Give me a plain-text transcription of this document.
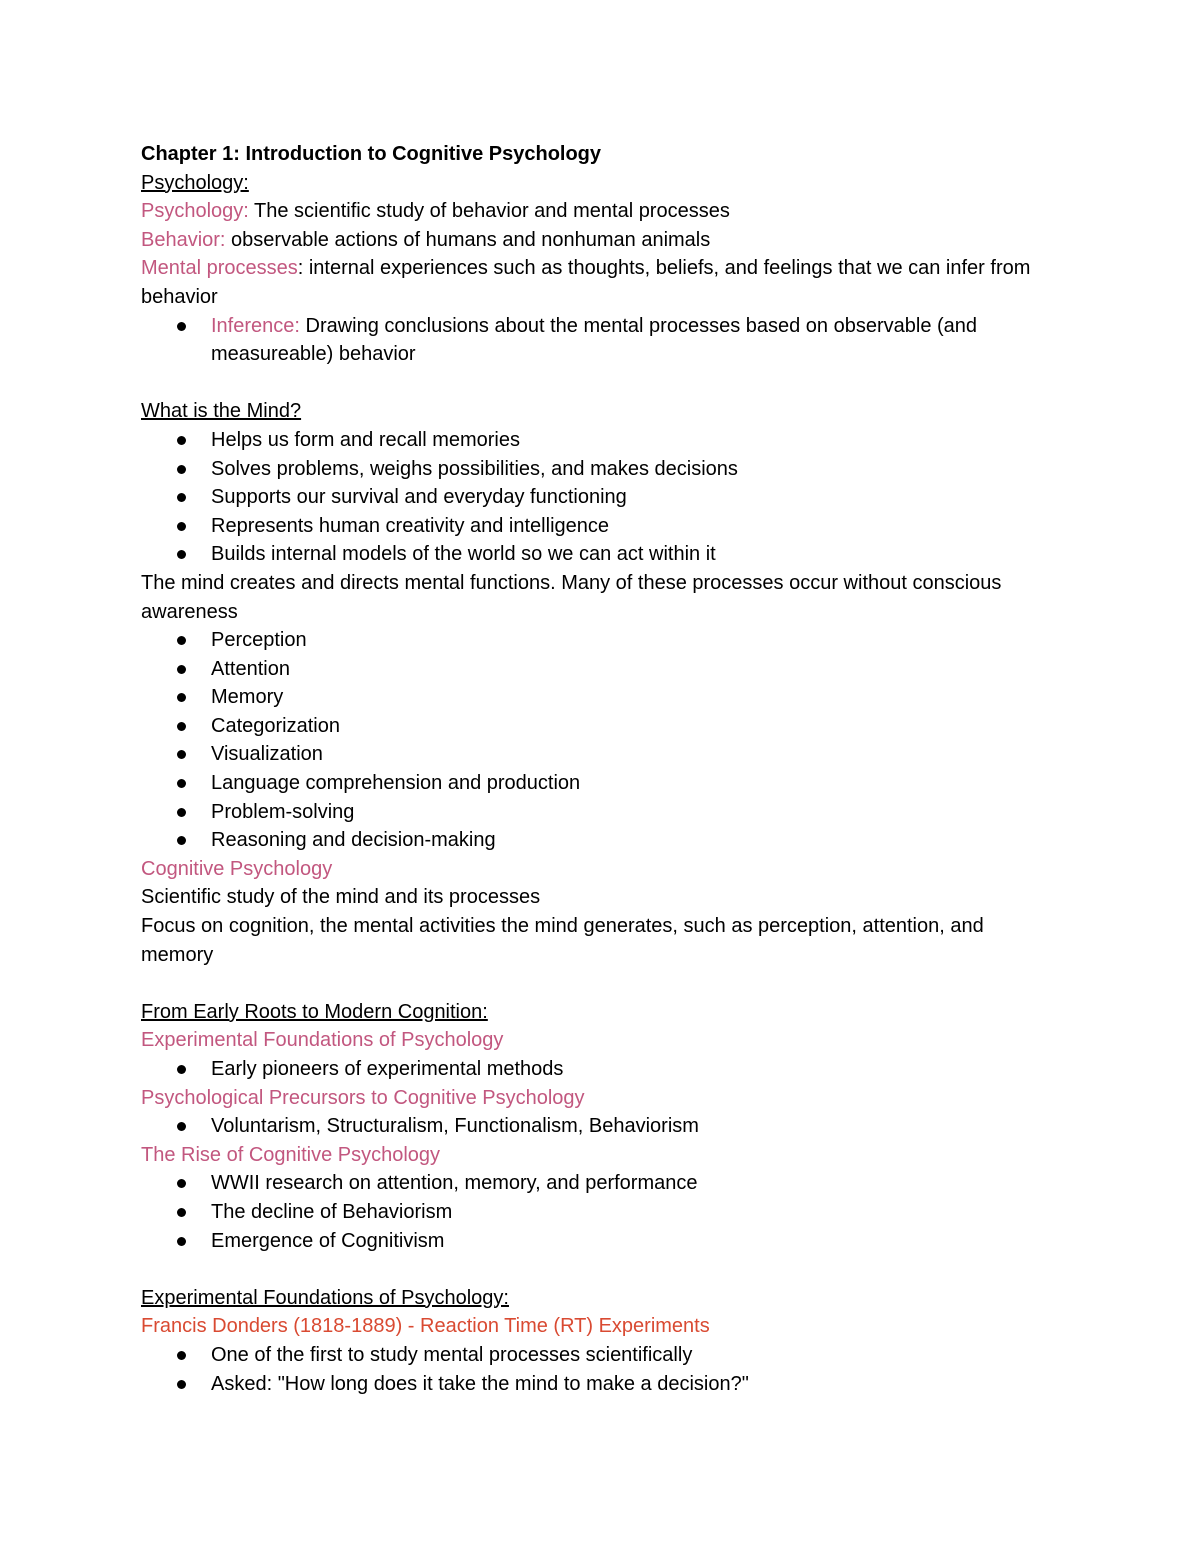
Chapter 1: Introduction to Cognitive Psychology

Psychology:

Psychology: The scientific study of behavior and mental processes

Behavior: observable actions of humans and nonhuman animals

Mental processes: internal experiences such as thoughts, beliefs, and feelings that we can infer from behavior

Inference: Drawing conclusions about the mental processes based on observable (and measureable) behavior

What is the Mind?

Helps us form and recall memories
Solves problems, weighs possibilities, and makes decisions
Supports our survival and everyday functioning
Represents human creativity and intelligence
Builds internal models of the world so we can act within it

The mind creates and directs mental functions. Many of these processes occur without conscious awareness

Perception
Attention
Memory
Categorization
Visualization
Language comprehension and production
Problem-solving
Reasoning and decision-making

Cognitive Psychology

Scientific study of the mind and its processes

Focus on cognition, the mental activities the mind generates, such as perception, attention, and memory

From Early Roots to Modern Cognition:

Experimental Foundations of Psychology

Early pioneers of experimental methods

Psychological Precursors to Cognitive Psychology

Voluntarism, Structuralism, Functionalism, Behaviorism

The Rise of Cognitive Psychology

WWII research on attention, memory, and performance
The decline of Behaviorism
Emergence of Cognitivism

Experimental Foundations of Psychology:

Francis Donders (1818-1889) - Reaction Time (RT) Experiments

One of the first to study mental processes scientifically
Asked: "How long does it take the mind to make a decision?"
